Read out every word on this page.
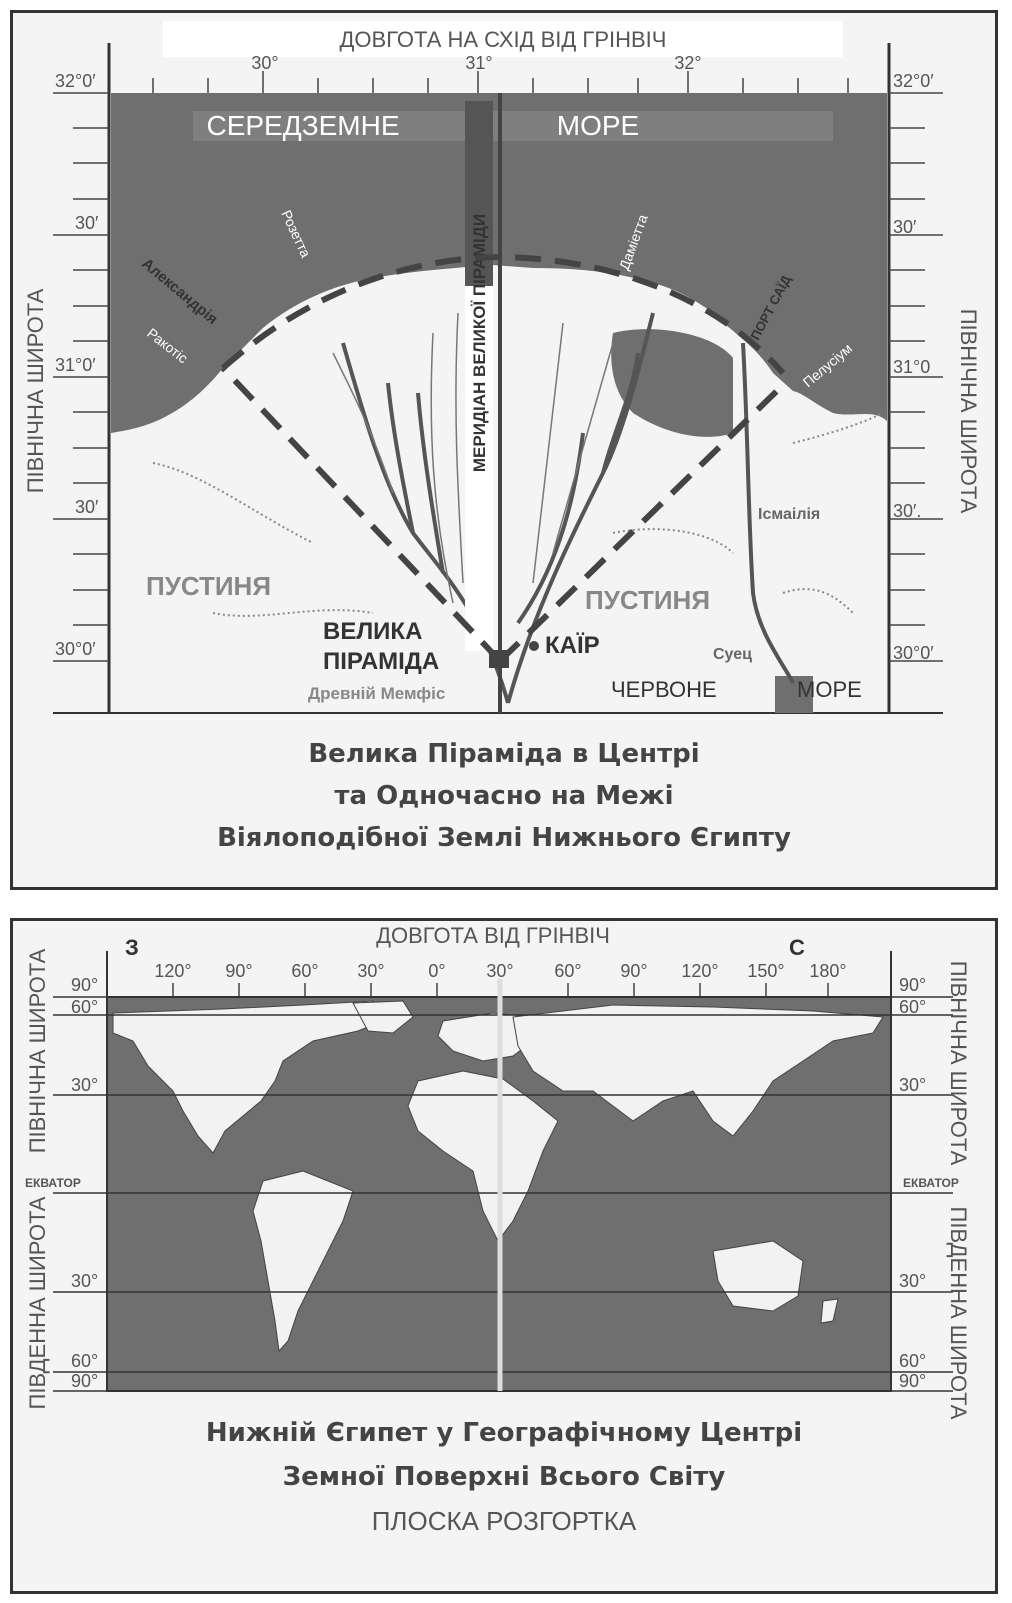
ДОВГОТА НА СХІД ВІД ГРІНВІЧ
30°	31°	32°
32°0′
30′
31°0′
30′
30°0′
32°0′
30′
31°0
30′.
30°0′
ПІВНІЧНА ШИРОТА	ПІВНІЧНА ШИРОТА
СЕРЕДЗЕМНЕ	МОРЕ
МЕРИДІАН ВЕЛИКОЇ ПІРАМІДИ
Александрія
Ракотіс
Розетта	Даміетта
ПОРТ САЇД
Пелусіум
Ісмаілія
Суец
КАЇР
Древній Мемфіс
ВЕЛИКА
ПІРАМІДА
ПУСТИНЯ	ПУСТИНЯ
ЧЕРВОНЕ	МОРЕ
Велика Піраміда в Центрі
та Одночасно на Межі
Віялоподібної Землі Нижнього Єгипту
ДОВГОТА ВІД ГРІНВІЧ
З	С
120° 90° 60° 30° 0° 30° 60° 90° 120° 150° 180°
90°
60°
30°
ЕКВАТОР
30°
60°
90°
90°
60°
30°
ЕКВАТОР
30°
60°
90°
ПІВНІЧНА ШИРОТА
ПІВДЕННА ШИРОТА
ПІВНІЧНА ШИРОТА
ПІВДЕННА ШИРОТА
Нижній Єгипет у Географічному Центрі
Земної Поверхні Всього Світу
ПЛОСКА РОЗГОРТКА
